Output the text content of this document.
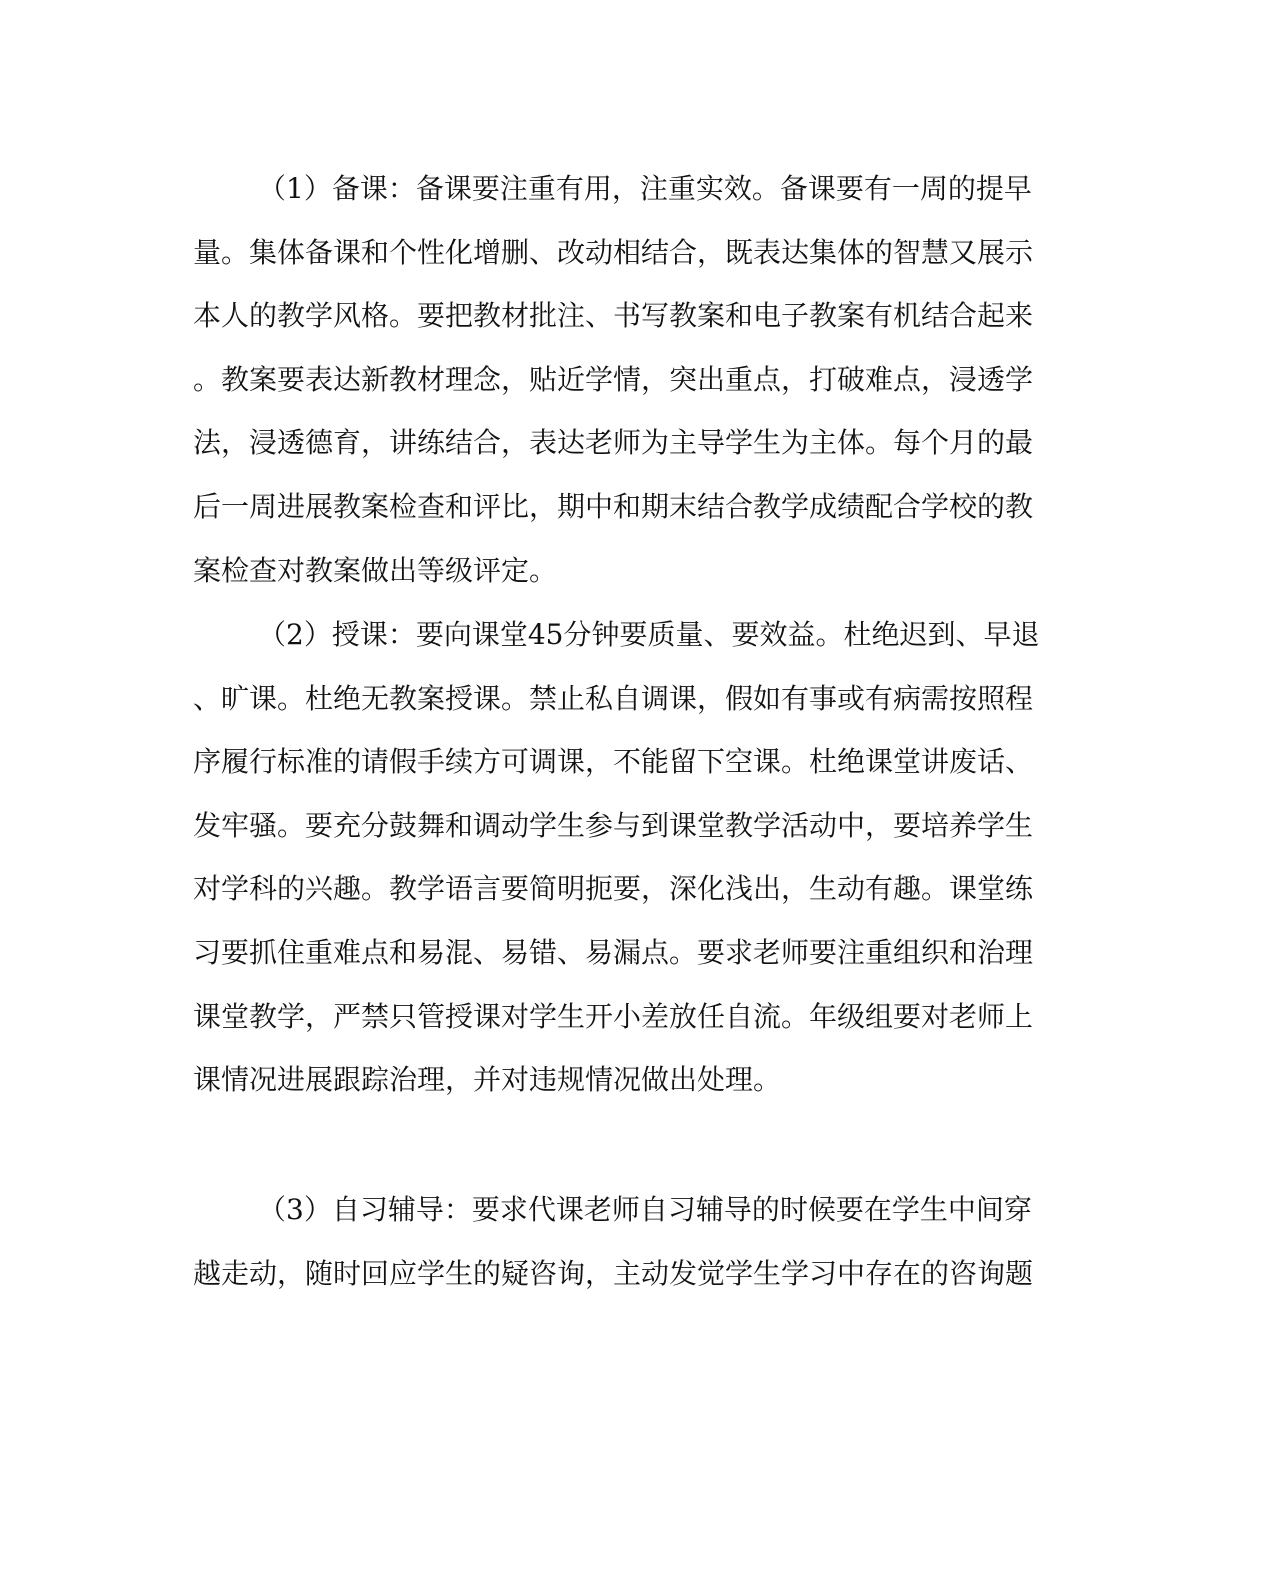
（1）备课：备课要注重有用，注重实效。备课要有一周的提早
量。集体备课和个性化增删、改动相结合，既表达集体的智慧又展示
本人的教学风格。要把教材批注、书写教案和电子教案有机结合起来
。教案要表达新教材理念，贴近学情，突出重点，打破难点，浸透学
法，浸透德育，讲练结合，表达老师为主导学生为主体。每个月的最
后一周进展教案检查和评比，期中和期末结合教学成绩配合学校的教
案检查对教案做出等级评定。
（2）授课：要向课堂45分钟要质量、要效益。杜绝迟到、早退
、旷课。杜绝无教案授课。禁止私自调课，假如有事或有病需按照程
序履行标准的请假手续方可调课，不能留下空课。杜绝课堂讲废话、
发牢骚。要充分鼓舞和调动学生参与到课堂教学活动中，要培养学生
对学科的兴趣。教学语言要简明扼要，深化浅出，生动有趣。课堂练
习要抓住重难点和易混、易错、易漏点。要求老师要注重组织和治理
课堂教学，严禁只管授课对学生开小差放任自流。年级组要对老师上
课情况进展跟踪治理，并对违规情况做出处理。
（3）自习辅导：要求代课老师自习辅导的时候要在学生中间穿
越走动，随时回应学生的疑咨询，主动发觉学生学习中存在的咨询题
